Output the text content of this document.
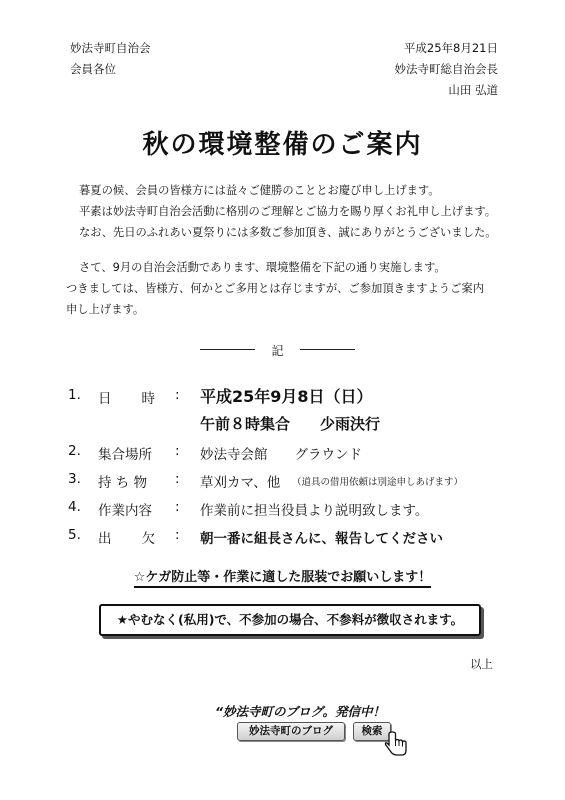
妙法寺町自治会
会員各位
平成25年8月21日
妙法寺町総自治会長
山田 弘道
秋の環境整備のご案内
暮夏の候、会員の皆様方には益々ご健勝のこととお慶び申し上げます。
平素は妙法寺町自治会活動に格別のご理解とご協力を賜り厚くお礼申し上げます。
なお、先日のふれあい夏祭りには多数ご参加頂き、誠にありがとうございました。
さて、9月の自治会活動であります、環境整備を下記の通り実施します。
つきましては、皆様方、何かとご多用とは存じますが、ご参加頂きますようご案内
申し上げます。
記
1. 日　　時 : 平成25年9月8日（日）
午前８時集合　　少雨決行
2. 集合場所 : 妙法寺会館　　グラウンド
3. 持 ち 物 : 草刈カマ、他 （道具の借用依頼は別途申しあげます）
4. 作業内容 : 作業前に担当役員より説明致します。
5. 出　　欠 : 朝一番に組長さんに、報告してください
☆ケガ防止等・作業に適した服装でお願いします！
★やむなく(私用)で、不参加の場合、不参料が徴収されます。
以上
“妙法寺町のブログ。発信中！
妙法寺町のブログ	検索
